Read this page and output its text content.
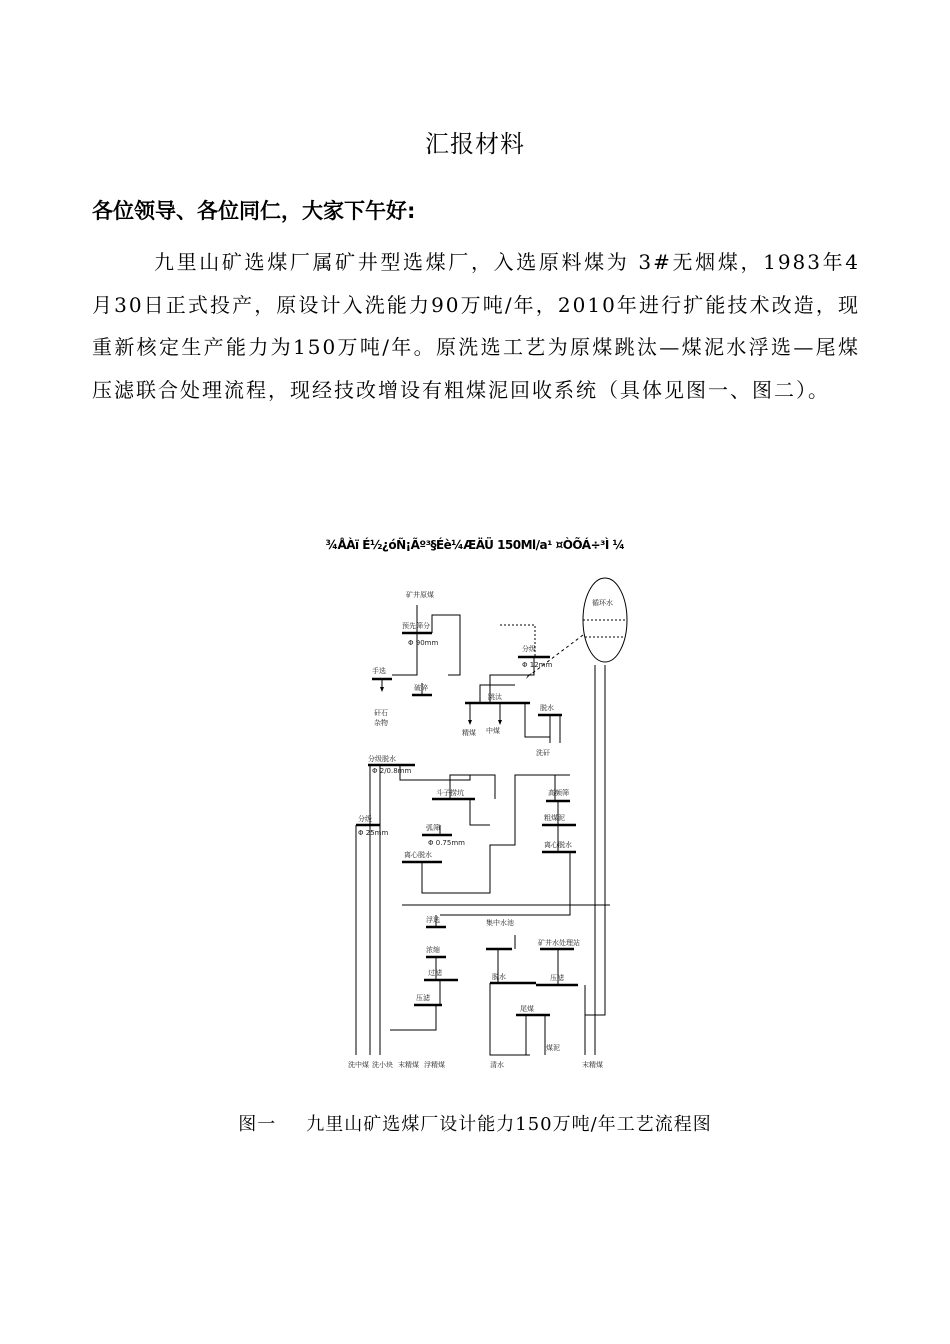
汇报材料
各位领导、各位同仁，大家下午好:

九里山矿选煤厂属矿井型选煤厂，入选原料煤为 3#无烟煤，1983年4月30日正式投产，原设计入洗能力90万吨/年，2010年进行扩能技术改造，现重新核定生产能力为150万吨/年。原洗选工艺为原煤跳汰—煤泥水浮选—尾煤压滤联合处理流程，现经技改增设有粗煤泥回收系统（具体见图一、图二）。

¾ÅÀï É½¿óÑ¡Ãº³§Éè¼ÆÄÜ 150Ml/a¹ ¤ÒÕÁ÷³Ì ¼
矿井原煤
预先筛分
Φ 90mm
手选
破碎
矸石
杂物
循环水
分级
Φ 12mm
跳汰
精煤 中煤
脱水
洗矸
分级脱水
Φ 2/0.8mm
斗子捞坑
弧筛
Φ 0.75mm
离心脱水
分级
Φ 25mm
高频筛
粗煤泥
离心脱水
浮选
浓缩
过滤
压滤
集中水池
矿井水处理站
脱水	压滤
尾煤
煤泥
洗中煤 洗小块 末精煤 浮精煤	末精煤
清水
图一 九里山矿选煤厂设计能力150万吨/年工艺流程图
